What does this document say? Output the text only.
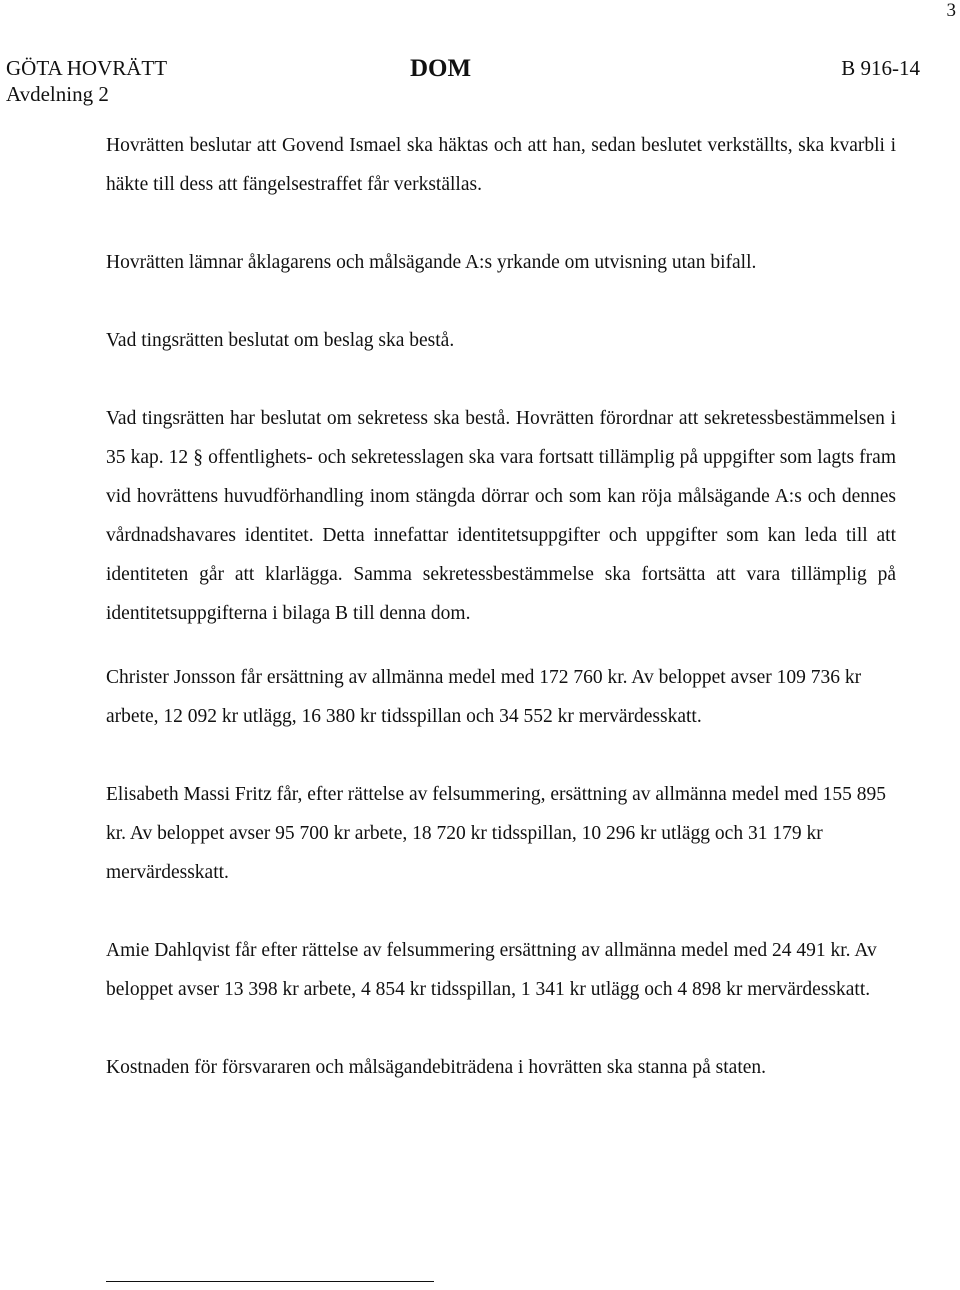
3
GÖTA HOVRÄTT
Avdelning 2
DOM	B 916-14

Hovrätten beslutar att Govend Ismael ska häktas och att han, sedan beslutet verkställts, ska kvarbli i häkte till dess att fängelsestraffet får verkställas.

Hovrätten lämnar åklagarens och målsägande A:s yrkande om utvisning utan bifall.

Vad tingsrätten beslutat om beslag ska bestå.

Vad tingsrätten har beslutat om sekretess ska bestå. Hovrätten förordnar att sekretessbestämmelsen i 35 kap. 12 § offentlighets- och sekretesslagen ska vara fortsatt tillämplig på uppgifter som lagts fram vid hovrättens huvudförhandling inom stängda dörrar och som kan röja målsägande A:s och dennes vårdnadshavares identitet. Detta innefattar identitetsuppgifter och uppgifter som kan leda till att identiteten går att klarlägga. Samma sekretessbestämmelse ska fortsätta att vara tillämplig på identitetsuppgifterna i bilaga B till denna dom.

Christer Jonsson får ersättning av allmänna medel med 172 760 kr. Av beloppet avser 109 736 kr arbete, 12 092 kr utlägg, 16 380 kr tidsspillan och 34 552 kr mervärdesskatt.

Elisabeth Massi Fritz får, efter rättelse av felsummering, ersättning av allmänna medel med 155 895 kr. Av beloppet avser 95 700 kr arbete, 18 720 kr tidsspillan, 10 296 kr utlägg och 31 179 kr mervärdesskatt.

Amie Dahlqvist får efter rättelse av felsummering ersättning av allmänna medel med 24 491 kr. Av beloppet avser 13 398 kr arbete, 4 854 kr tidsspillan, 1 341 kr utlägg och 4 898 kr mervärdesskatt.

Kostnaden för försvararen och målsägandebiträdena i hovrätten ska stanna på staten.
